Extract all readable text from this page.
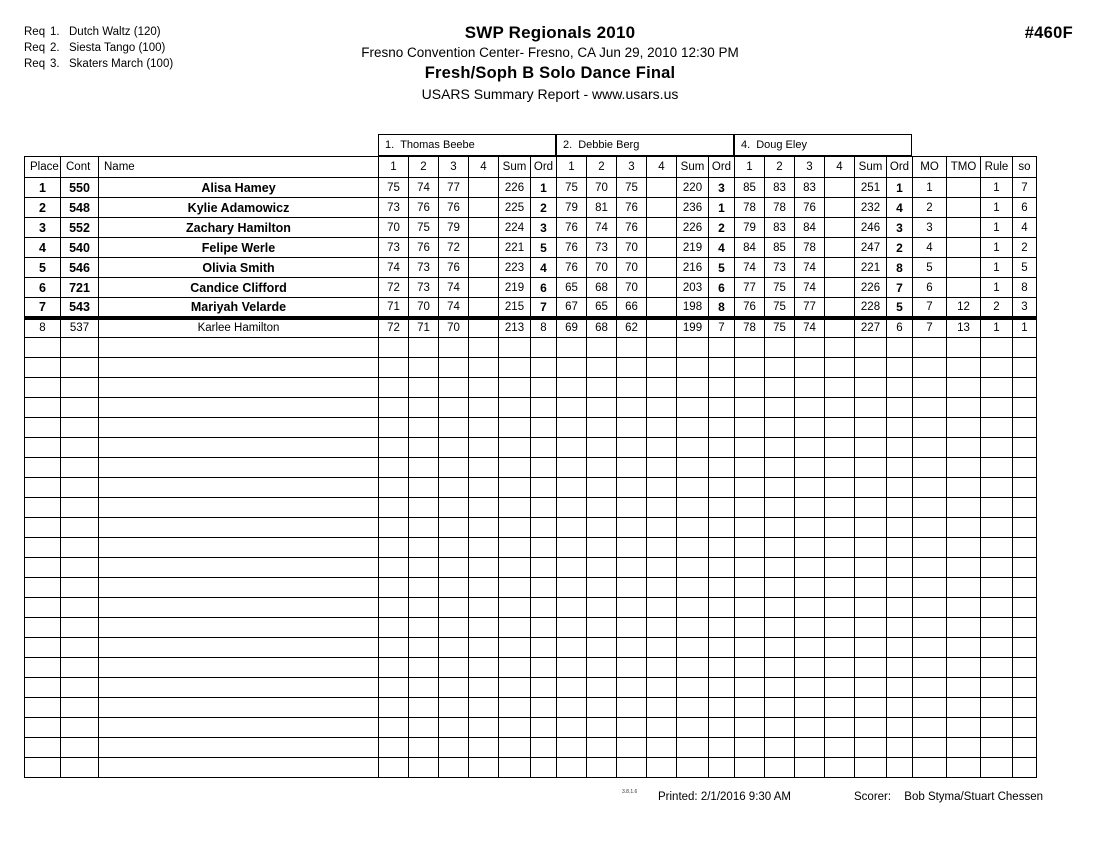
Req 1. Dutch Waltz (120)
Req 2. Siesta Tango (100)
Req 3. Skaters March (100)
SWP Regionals 2010
Fresno Convention Center- Fresno, CA Jun 29, 2010 12:30 PM
Fresh/Soph B Solo Dance Final
USARS Summary Report - www.usars.us
#460F
1. Thomas Beebe	2. Debbie Berg	4. Doug Eley
Place	Cont	Name	1	2	3	4	Sum	Ord	1	2	3	4	Sum	Ord	1	2	3	4	Sum	Ord	MO	TMO	Rule	so
1	550	Alisa Hamey	75	74	77		226	1	75	70	75		220	3	85	83	83		251	1	1		1	7
2	548	Kylie Adamowicz	73	76	76		225	2	79	81	76		236	1	78	78	76		232	4	2		1	6
3	552	Zachary Hamilton	70	75	79		224	3	76	74	76		226	2	79	83	84		246	3	3		1	4
4	540	Felipe Werle	73	76	72		221	5	76	73	70		219	4	84	85	78		247	2	4		1	2
5	546	Olivia Smith	74	73	76		223	4	76	70	70		216	5	74	73	74		221	8	5		1	5
6	721	Candice Clifford	72	73	74		219	6	65	68	70		203	6	77	75	74		226	7	6		1	8
7	543	Mariyah Velarde	71	70	74		215	7	67	65	66		198	8	76	75	77		228	5	7	12	2	3
8	537	Karlee Hamilton	72	71	70		213	8	69	68	62		199	7	78	75	74		227	6	7	13	1	1

3.8.1.6 Printed: 2/1/2016 9:30 AM	Scorer: Bob Styma/Stuart Chessen
